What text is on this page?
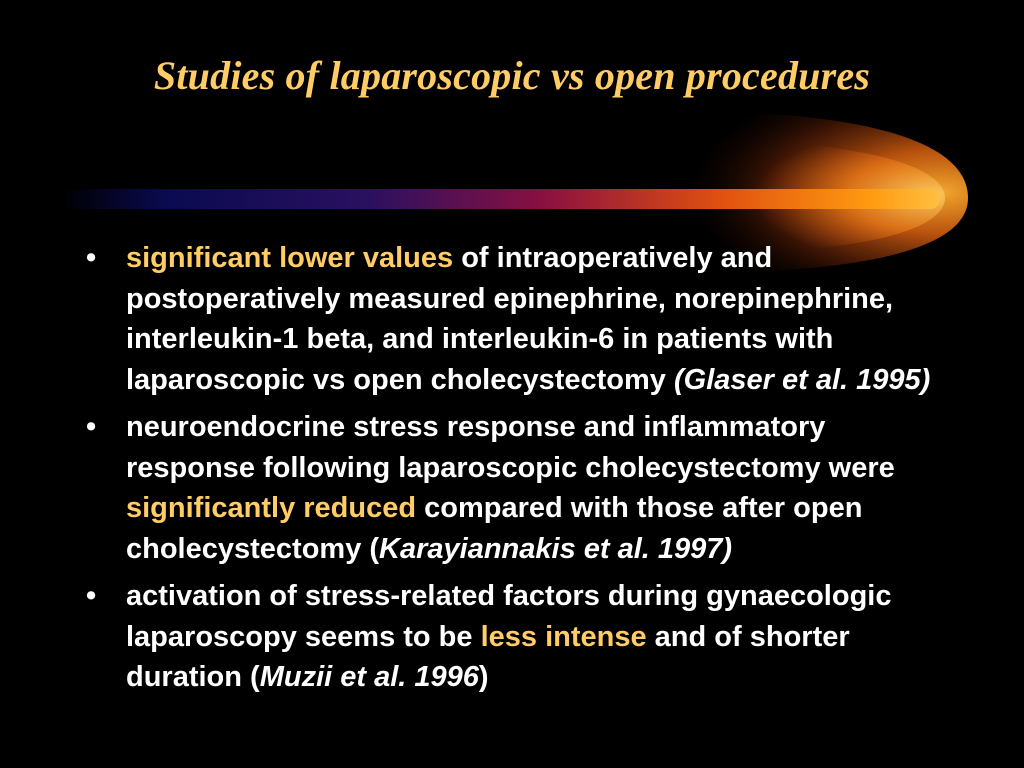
Studies of laparoscopic vs open procedures
• significant lower values of intraoperatively and postoperatively measured epinephrine, norepinephrine, interleukin-1 beta, and interleukin-6 in patients with laparoscopic vs open cholecystectomy (Glaser et al. 1995)
• neuroendocrine stress response and inflammatory response following laparoscopic cholecystectomy were significantly reduced compared with those after open cholecystectomy (Karayiannakis et al. 1997)
• activation of stress-related factors during gynaecologic laparoscopy seems to be less intense and of shorter duration (Muzii et al. 1996)
